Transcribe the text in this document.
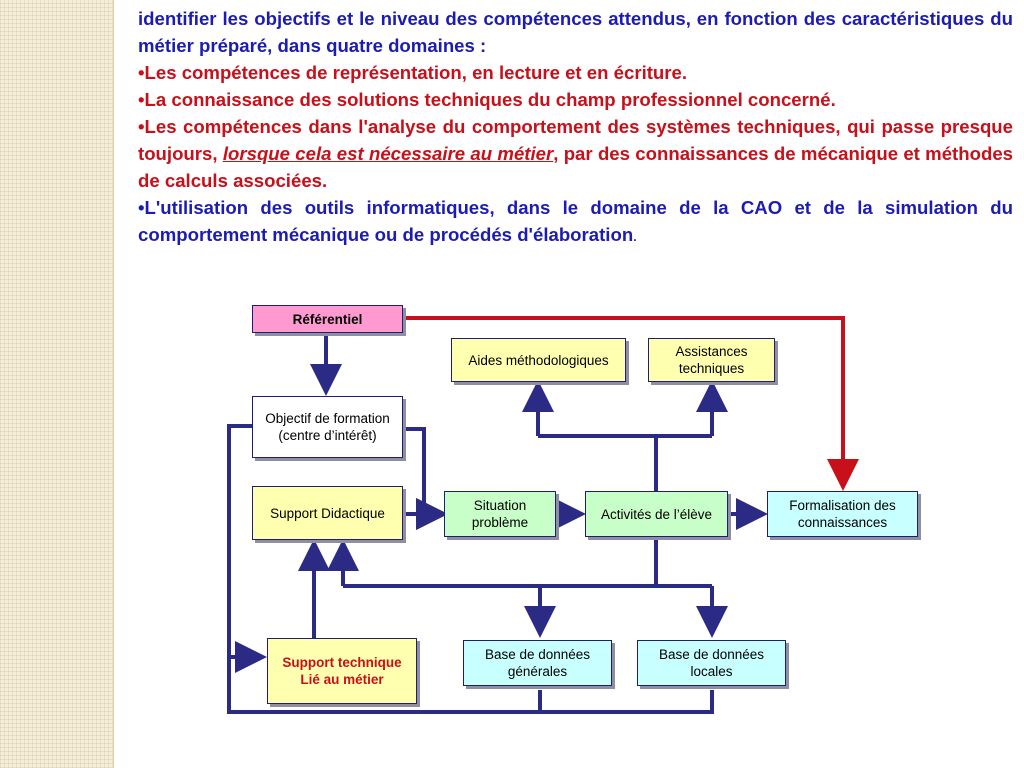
identifier les objectifs et le niveau des compétences attendus, en fonction des caractéristiques du métier préparé, dans quatre domaines :

•Les compétences de représentation, en lecture et en écriture.

•La connaissance des solutions techniques du champ professionnel concerné.

•Les compétences dans l'analyse du comportement des systèmes techniques, qui passe presque toujours, lorsque cela est nécessaire au métier, par des connaissances de mécanique et méthodes de calculs associées.

•L'utilisation des outils informatiques, dans le domaine de la CAO et de la simulation du comportement mécanique ou de procédés d'élaboration.

Référentiel
Aides méthodologiques
Assistances techniques
Objectif de formation (centre d’intérêt)
Support Didactique	Situation problème
Activités de l’élève
Formalisation des connaissances
Support technique Lié au métier
Base de données générales
Base de données locales
